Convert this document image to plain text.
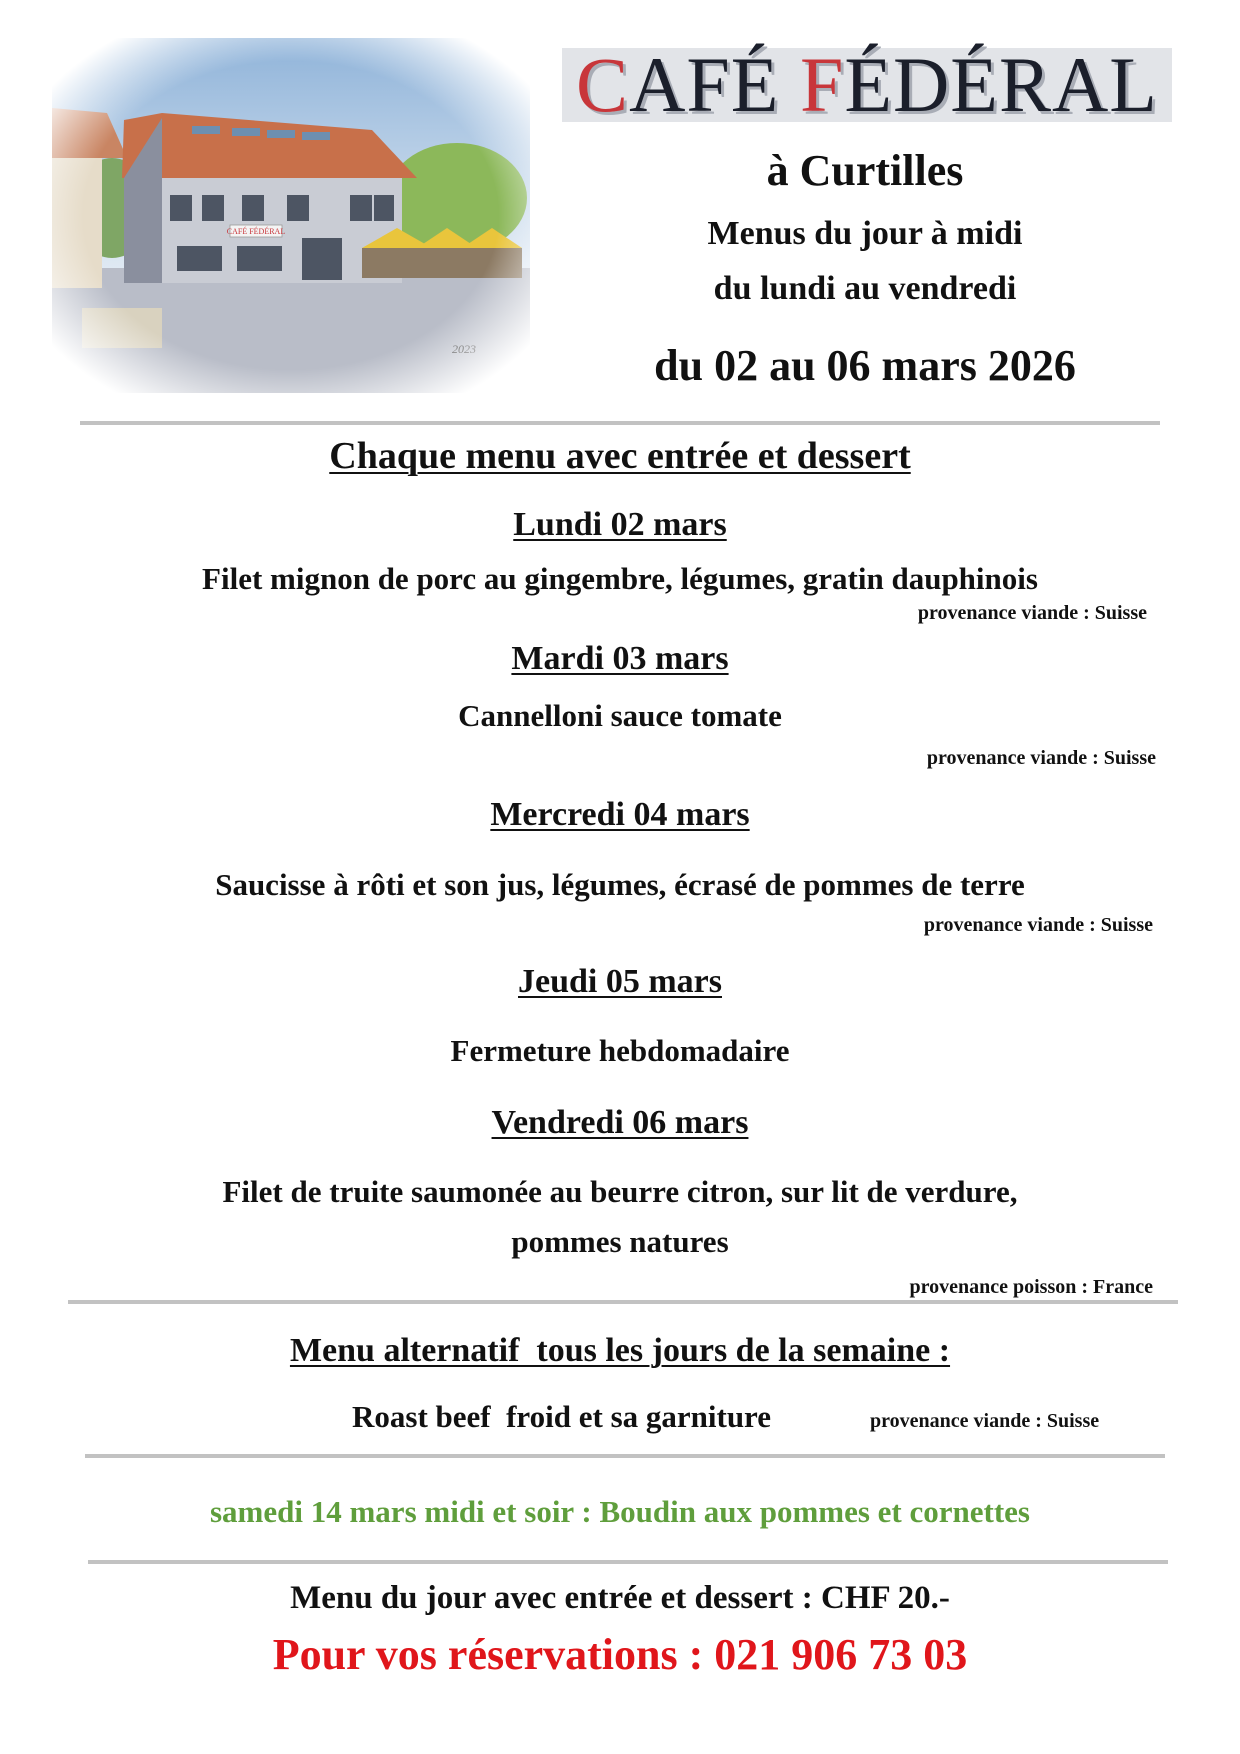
CAFÉ FÉDÉRAL
à Curtilles
Menus du jour à midi
du lundi au vendredi
du 02 au 06 mars 2026
Chaque menu avec entrée et dessert
Lundi 02 mars
Filet mignon de porc au gingembre, légumes, gratin dauphinois
provenance viande : Suisse
Mardi 03 mars
Cannelloni sauce tomate
provenance viande : Suisse
Mercredi 04 mars
Saucisse à rôti et son jus, légumes, écrasé de pommes de terre
provenance viande : Suisse
Jeudi 05 mars
Fermeture hebdomadaire
Vendredi 06 mars
Filet de truite saumonée au beurre citron, sur lit de verdure,
pommes natures
provenance poisson : France
Menu alternatif  tous les jours de la semaine :
Roast beef  froid et sa garniture	provenance viande : Suisse
samedi 14 mars midi et soir : Boudin aux pommes et cornettes
Menu du jour avec entrée et dessert : CHF 20.-
Pour vos réservations : 021 906 73 03
